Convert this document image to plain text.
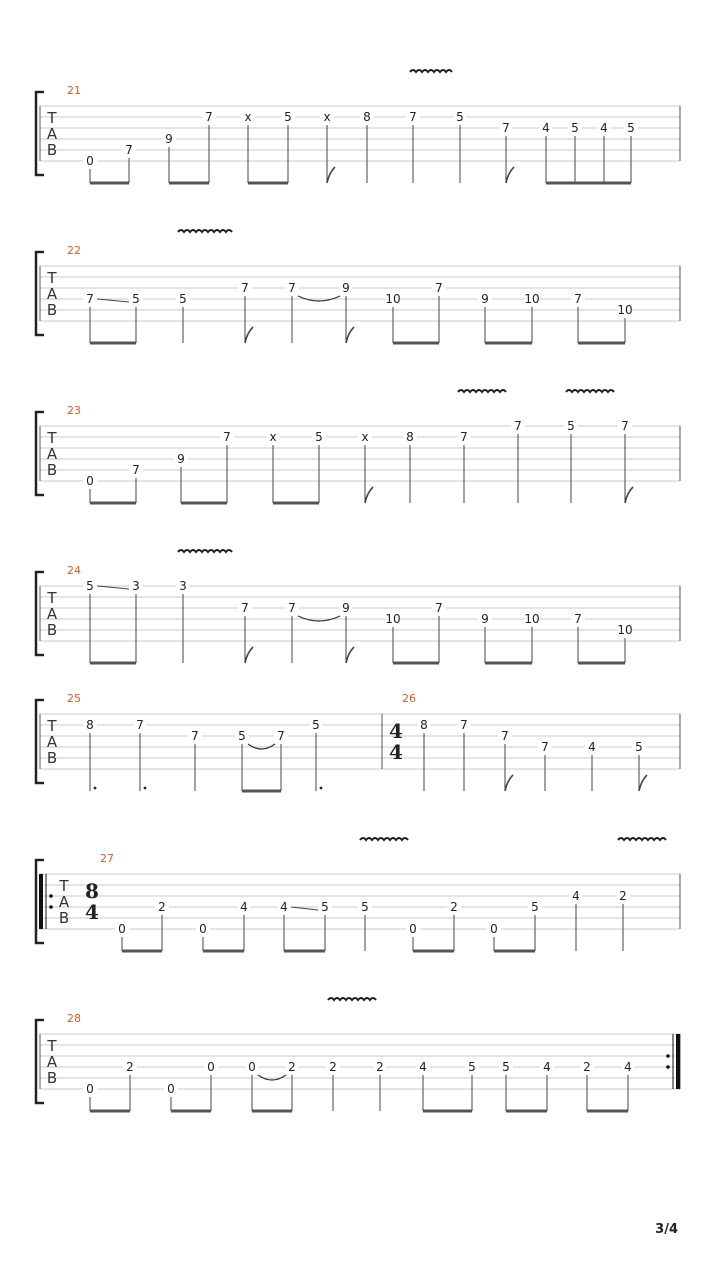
T
A
B
21
0
7
9
7	x	5	x	8	7	5
7	4 5 4 5
T
A
B
22
7	5	5
7	7	9
10
7
9	10	7
10
T
A
B
23
0
7
9
7	x	5	x	8	7
7	5	7
T
A
B
24
5	3	3
7	7	9
10
7
9	10	7
10
T
A
B
25
8	7
7	5	7
5
26
4
4
8	7
7
7	4	5
T
A
B
27
8
4
0
2
0
4	4	5	5
0
2
0
5
4	2
T
A
B
28
0
2
0
0	0	2	2	2	4	5 5	4	2	4
3/4
